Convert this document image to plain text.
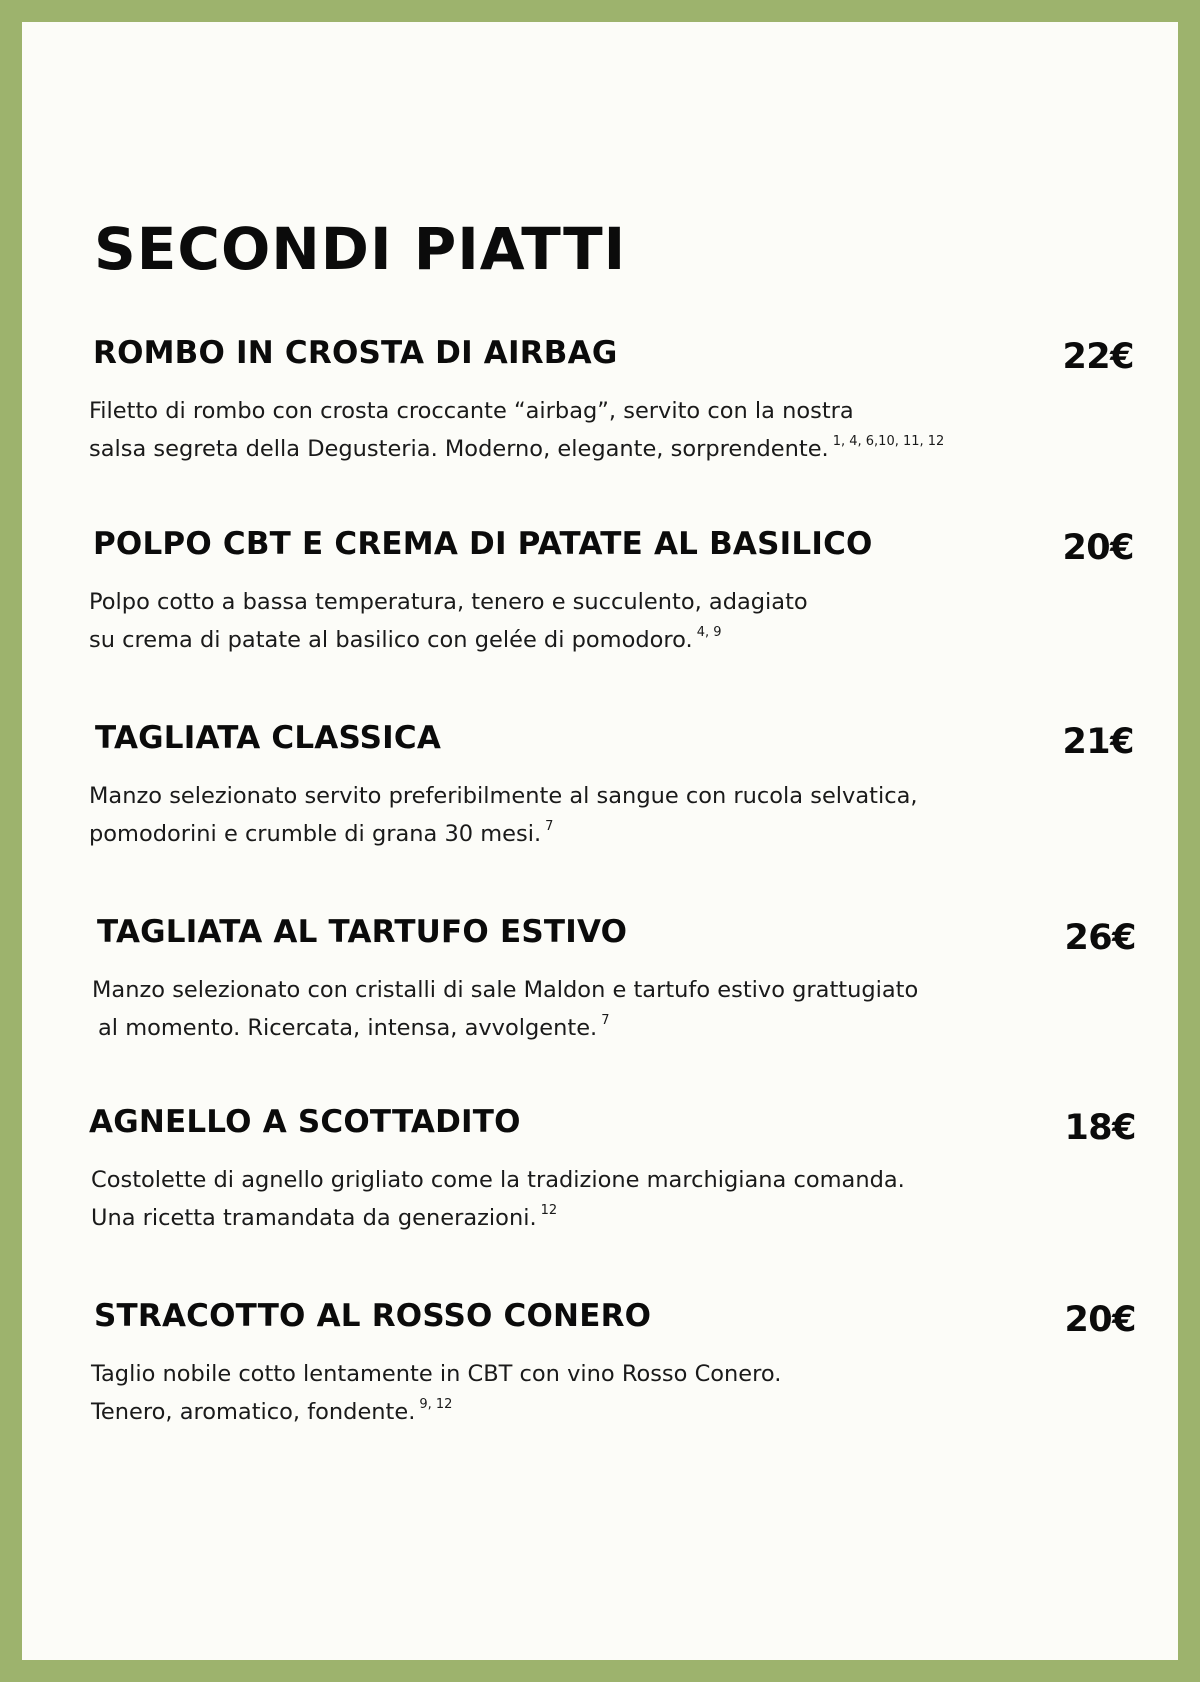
SECONDI PIATTI
ROMBO IN CROSTA DI AIRBAG	22€
Filetto di rombo con crosta croccante “airbag”, servito con la nostra
salsa segreta della Degusteria. Moderno, elegante, sorprendente. $^{1, 4, 6,10, 11, 12}$
POLPO CBT E CREMA DI PATATE AL BASILICO	20€
Polpo cotto a bassa temperatura, tenero e succulento, adagiato
su crema di patate al basilico con gelée di pomodoro. $^{4, 9}$
TAGLIATA CLASSICA	21€
Manzo selezionato servito preferibilmente al sangue con rucola selvatica,
pomodorini e crumble di grana 30 mesi. $^7$
TAGLIATA AL TARTUFO ESTIVO	26€
Manzo selezionato con cristalli di sale Maldon e tartufo estivo grattugiato
al momento. Ricercata, intensa, avvolgente. $^7$
AGNELLO A SCOTTADITO	18€
Costolette di agnello grigliato come la tradizione marchigiana comanda.
Una ricetta tramandata da generazioni. $^{12}$
STRACOTTO AL ROSSO CONERO	20€
Taglio nobile cotto lentamente in CBT con vino Rosso Conero.
Tenero, aromatico, fondente. $^{9, 12}$
